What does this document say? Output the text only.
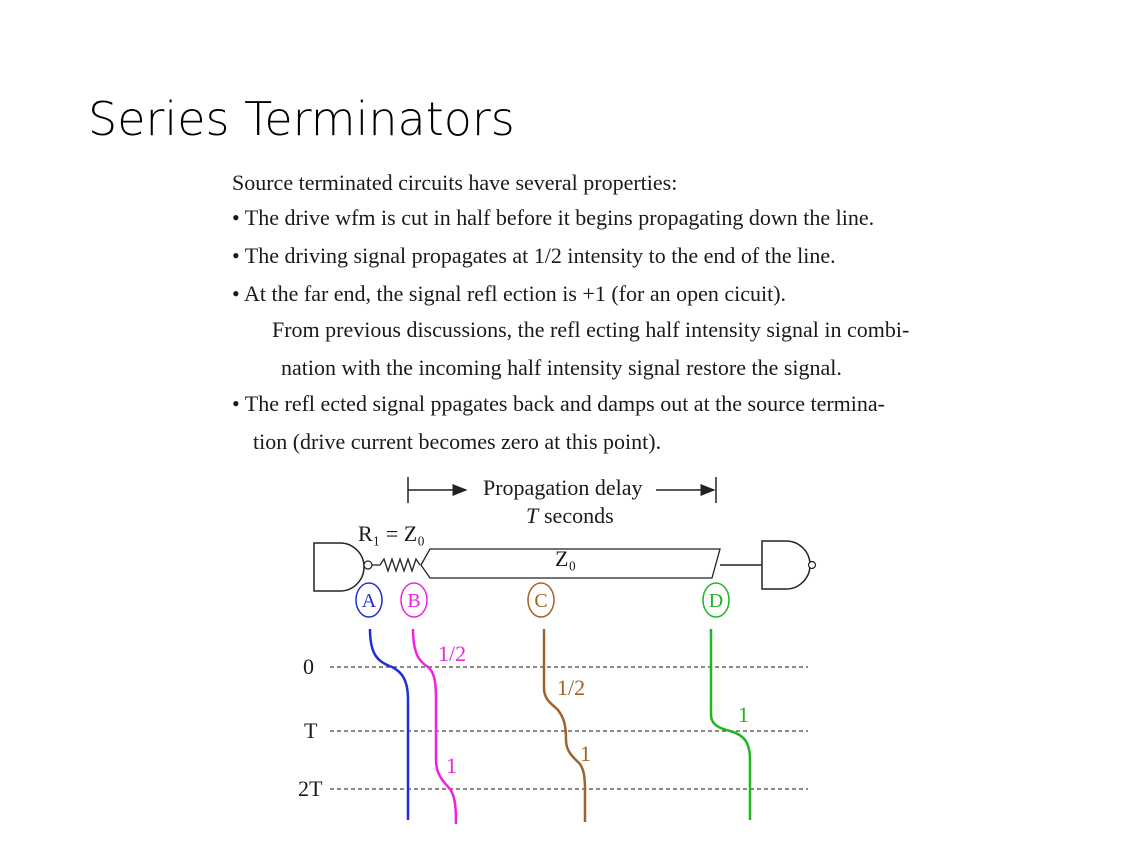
Series Terminators
Source terminated circuits have several properties:
• The drive wfm is cut in half before it begins propagating down the line.
• The driving signal propagates at 1/2 intensity to the end of the line.
• At the far end, the signal refl ection is +1 (for an open cicuit).
From previous discussions, the refl ecting half intensity signal in combi-
nation with the incoming half intensity signal restore the signal.
• The refl ected signal ppagates back and damps out at the source termina-
tion (drive current becomes zero at this point).
Propagation delay
T seconds
R₁ = Z₀
Z₀
A B	C	D
0
T
2T
1/2
1
1/2
1
1
